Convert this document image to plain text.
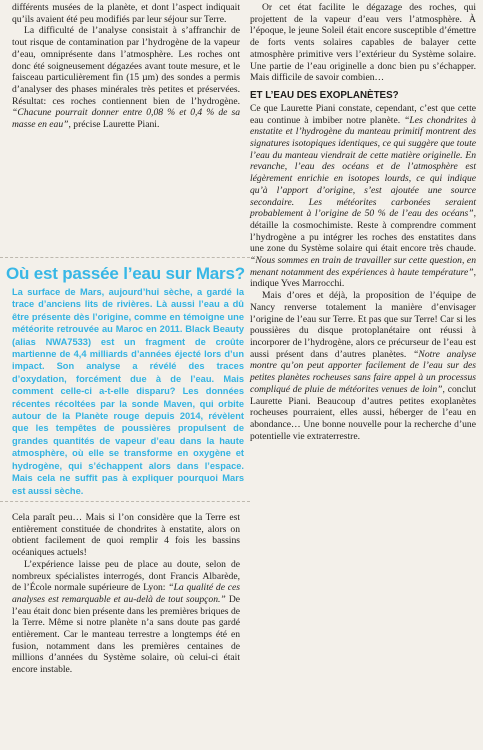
différents musées de la planète, et dont l’aspect indiquait qu’ils avaient été peu modifiés par leur séjour sur Terre.

La difficulté de l’analyse consistait à s’affranchir de tout risque de contamination par l’hydrogène de la vapeur d’eau, omniprésente dans l’atmosphère. Les roches ont donc été soigneusement dégazées avant toute mesure, et le faisceau particulièrement fin (15 µm) des sondes a permis d’analyser des phases minérales très petites et préservées. Résultat: ces roches contiennent bien de l’hydrogène. “Chacune pourrait donner entre 0,08 % et 0,4 % de sa masse en eau”, précise Laurette Piani.

Où est passée l’eau sur Mars?

La surface de Mars, aujourd’hui sèche, a gardé la trace d’anciens lits de rivières. Là aussi l’eau a dû être présente dès l’origine, comme en témoigne une météorite retrouvée au Maroc en 2011. Black Beauty (alias NWA7533) est un fragment de croûte martienne de 4,4 milliards d’années éjecté lors d’un impact. Son analyse a révélé des traces d’oxydation, forcément due à de l’eau. Mais comment celle-ci a-t-elle disparu? Les données récentes récoltées par la sonde Maven, qui orbite autour de la Planète rouge depuis 2014, révèlent que les tempêtes de poussières propulsent de grandes quantités de vapeur d’eau dans la haute atmosphère, où elle se transforme en oxygène et hydrogène, qui s’échappent alors dans l’espace. Mais cela ne suffit pas à expliquer pourquoi Mars est aussi sèche.

Cela paraît peu… Mais si l’on considère que la Terre est entièrement constituée de chondrites à enstatite, alors on obtient facilement de quoi remplir 4 fois les bassins océaniques actuels!

L’expérience laisse peu de place au doute, selon de nombreux spécialistes interrogés, dont Francis Albarède, de l’École normale supérieure de Lyon: “La qualité de ces analyses est remarquable et au-delà de tout soupçon.” De l’eau était donc bien présente dans les premières briques de la Terre. Même si notre planète n’a sans doute pas gardé entièrement. Car le manteau terrestre a longtemps été en fusion, notamment dans les premières centaines de millions d’années du Système solaire, où celui-ci était encore instable.

Or cet état facilite le dégazage des roches, qui projettent de la vapeur d’eau vers l’atmosphère. À l’époque, le jeune Soleil était encore susceptible d’émettre de forts vents solaires capables de balayer cette atmosphère primitive vers l’extérieur du Système solaire. Une partie de l’eau originelle a donc bien pu s’échapper. Mais difficile de savoir combien…

ET L’EAU DES EXOPLANÈTES?

Ce que Laurette Piani constate, cependant, c’est que cette eau continue à imbiber notre planète. “Les chondrites à enstatite et l’hydrogène du manteau primitif montrent des signatures isotopiques identiques, ce qui suggère que toute l’eau du manteau viendrait de cette matière originelle. En revanche, l’eau des océans et de l’atmosphère est légèrement enrichie en isotopes lourds, ce qui indique qu’à l’apport d’origine, s’est ajoutée une source secondaire. Les météorites carbonées seraient probablement à l’origine de 50 % de l’eau des océans”, détaille la cosmochimiste. Reste à comprendre comment l’hydrogène a pu intégrer les roches des enstatites dans une zone du Système solaire qui était encore très chaude. “Nous sommes en train de travailler sur cette question, en menant notamment des expériences à haute température”, indique Yves Marrocchi.

Mais d’ores et déjà, la proposition de l’équipe de Nancy renverse totalement la manière d’envisager l’origine de l’eau sur Terre. Et pas que sur Terre! Car si les poussières du disque protoplanétaire ont réussi à incorporer de l’hydrogène, alors ce précurseur de l’eau est aussi présent dans d’autres planètes. “Notre analyse montre qu’on peut apporter facilement de l’eau sur des petites planètes rocheuses sans faire appel à un processus compliqué de pluie de météorites venues de loin”, conclut Laurette Piani. Beaucoup d’autres petites exoplanètes rocheuses pourraient, elles aussi, héberger de l’eau en abondance… Une bonne nouvelle pour la recherche d’une potentielle vie extraterrestre.
